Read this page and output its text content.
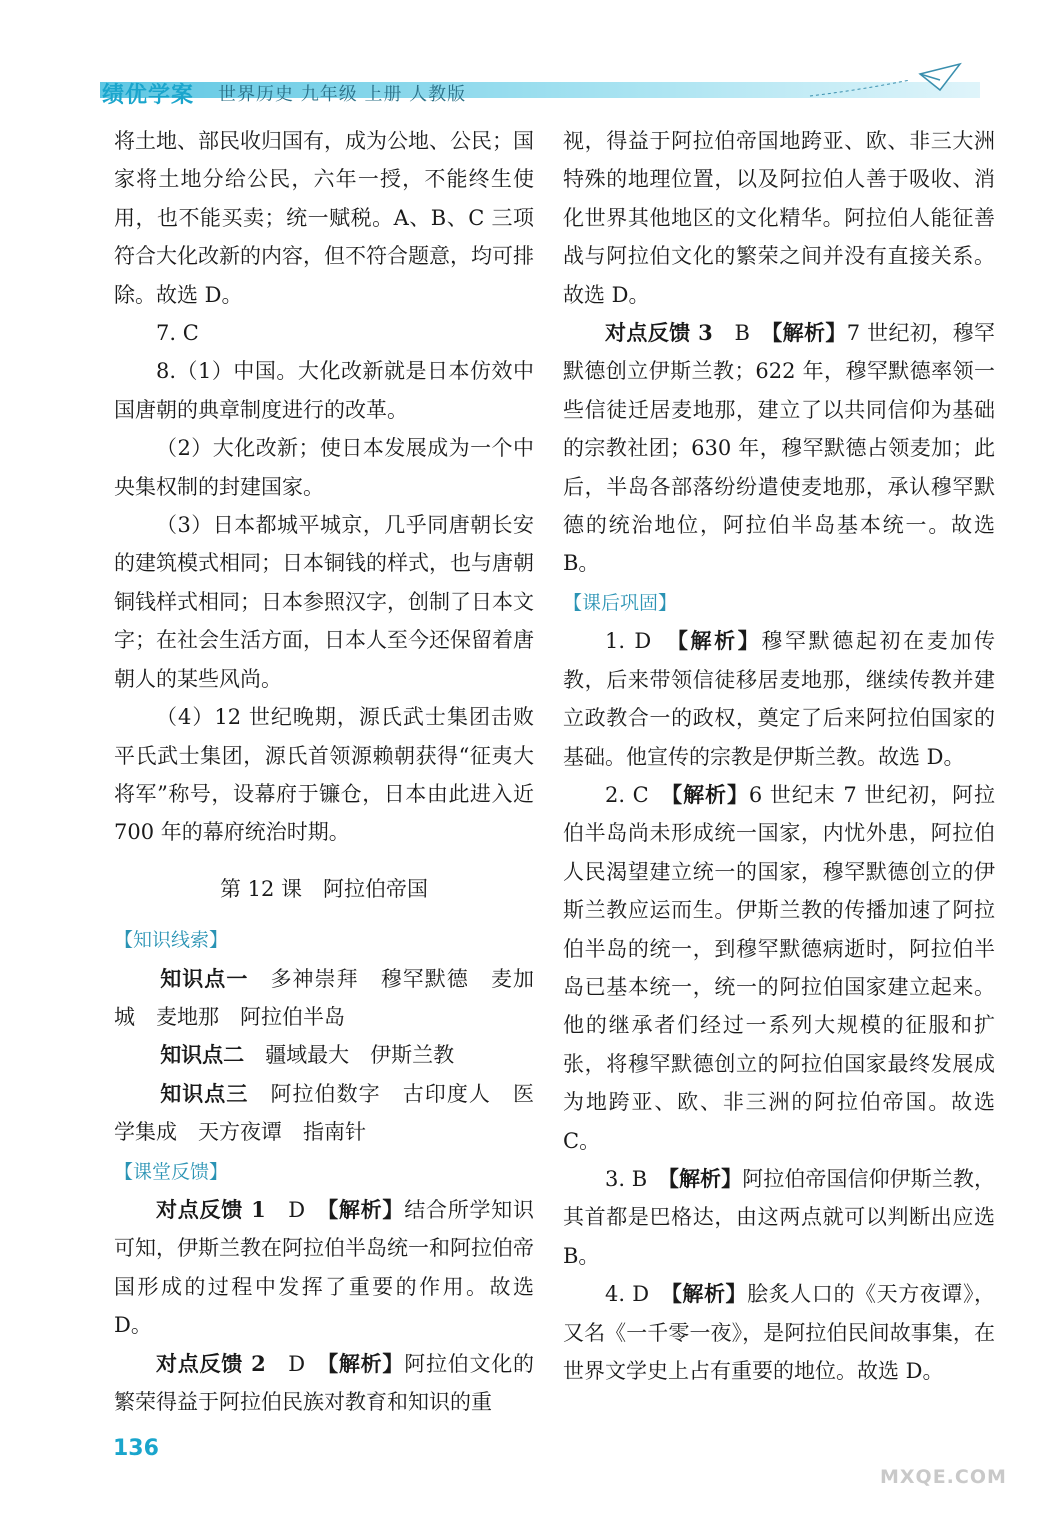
绩优学案 世界历史 九年级 上册 人教版

将土地、部民收归国有，成为公地、公民；国家将土地分给公民，六年一授，不能终生使用，也不能买卖；统一赋税。A、B、C 三项符合大化改新的内容，但不符合题意，均可排除。故选 D。

7. C

8.（1）中国。大化改新就是日本仿效中国唐朝的典章制度进行的改革。

（2）大化改新；使日本发展成为一个中央集权制的封建国家。

（3）日本都城平城京，几乎同唐朝长安的建筑模式相同；日本铜钱的样式，也与唐朝铜钱样式相同；日本参照汉字，创制了日本文字；在社会生活方面，日本人至今还保留着唐朝人的某些风尚。

（4）12 世纪晚期，源氏武士集团击败平氏武士集团，源氏首领源赖朝获得“征夷大将军”称号，设幕府于镰仓，日本由此进入近 700 年的幕府统治时期。

第 12 课　阿拉伯帝国

【知识线索】

知识点一　 多神崇拜　穆罕默德　麦加城　麦地那　阿拉伯半岛

知识点二　 疆域最大　伊斯兰教

知识点三　 阿拉伯数字　古印度人　医学集成　天方夜谭　指南针

【课堂反馈】

对点反馈 1　 D　 【解析】结合所学知识可知，伊斯兰教在阿拉伯半岛统一和阿拉伯帝国形成的过程中发挥了重要的作用。故选 D。

对点反馈 2　 D　 【解析】阿拉伯文化的繁荣得益于阿拉伯民族对教育和知识的重

视，得益于阿拉伯帝国地跨亚、欧、非三大洲特殊的地理位置，以及阿拉伯人善于吸收、消化世界其他地区的文化精华。阿拉伯人能征善战与阿拉伯文化的繁荣之间并没有直接关系。故选 D。

对点反馈 3　 B　 【解析】7 世纪初，穆罕默德创立伊斯兰教；622 年，穆罕默德率领一些信徒迁居麦地那，建立了以共同信仰为基础的宗教社团；630 年，穆罕默德占领麦加；此后，半岛各部落纷纷遣使麦地那，承认穆罕默德的统治地位，阿拉伯半岛基本统一。故选 B。

【课后巩固】

1. D　 【解析】穆罕默德起初在麦加传教，后来带领信徒移居麦地那，继续传教并建立政教合一的政权，奠定了后来阿拉伯国家的基础。他宣传的宗教是伊斯兰教。故选 D。

2. C　 【解析】6 世纪末 7 世纪初，阿拉伯半岛尚未形成统一国家，内忧外患，阿拉伯人民渴望建立统一的国家，穆罕默德创立的伊斯兰教应运而生。伊斯兰教的传播加速了阿拉伯半岛的统一，到穆罕默德病逝时，阿拉伯半岛已基本统一，统一的阿拉伯国家建立起来。他的继承者们经过一系列大规模的征服和扩张，将穆罕默德创立的阿拉伯国家最终发展成为地跨亚、欧、非三洲的阿拉伯帝国。故选 C。

3. B　 【解析】阿拉伯帝国信仰伊斯兰教，其首都是巴格达，由这两点就可以判断出应选 B。

4. D　 【解析】脍炙人口的《天方夜谭》，又名《一千零一夜》，是阿拉伯民间故事集，在世界文学史上占有重要的地位。故选 D。

136
MXQE.COM
